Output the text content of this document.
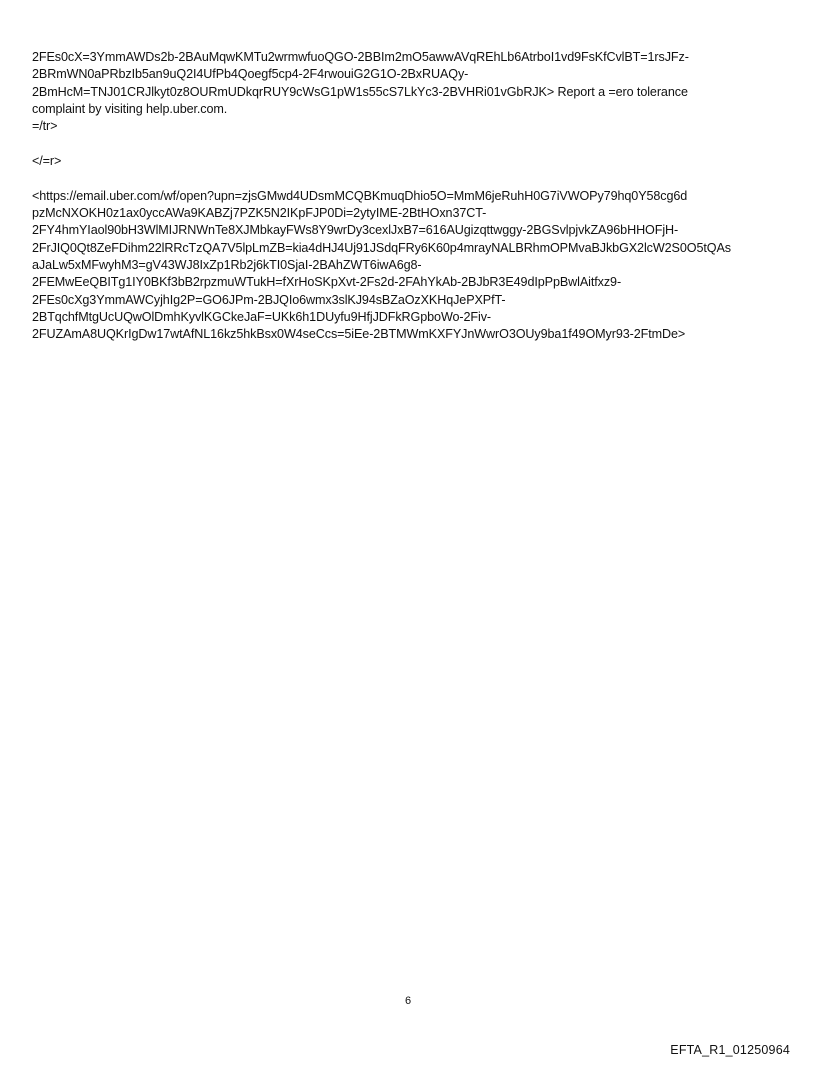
2FEs0cX=3YmmAWDs2b-2BAuMqwKMTu2wrmwfuoQGO-2BBIm2mO5awwAVqREhLb6AtrboI1vd9FsKfCvlBT=1rsJFz-
2BRmWN0aPRbzIb5an9uQ2I4UfPb4Qoegf5cp4-2F4rwouiG2G1O-2BxRUAQy-
2BmHcM=TNJ01CRJlkyt0z8OURmUDkqrRUY9cWsG1pW1s55cS7LkYc3-2BVHRi01vGbRJK> Report a =ero tolerance
complaint by visiting help.uber.com.
=/tr>
</=r>
<https://email.uber.com/wf/open?upn=zjsGMwd4UDsmMCQBKmuqDhio5O=MmM6jeRuhH0G7iVWOPy79hq0Y58cg6d
pzMcNXOKH0z1ax0yccAWa9KABZj7PZK5N2IKpFJP0Di=2ytyIME-2BtHOxn37CT-
2FY4hmYIaol90bH3WlMIJRNWnTe8XJMbkayFWs8Y9wrDy3cexlJxB7=616AUgizqttwggy-2BGSvlpjvkZA96bHHOFjH-
2FrJIQ0Qt8ZeFDihm22lRRcTzQA7V5lpLmZB=kia4dHJ4Uj91JSdqFRy6K60p4mrayNALBRhmOPMvaBJkbGX2lcW2S0O5tQAs
aJaLw5xMFwyhM3=gV43WJ8IxZp1Rb2j6kTI0SjaI-2BAhZWT6iwA6g8-
2FEMwEeQBITg1IY0BKf3bB2rpzmuWTukH=fXrHoSKpXvt-2Fs2d-2FAhYkAb-2BJbR3E49dIpPpBwlAitfxz9-
2FEs0cXg3YmmAWCyjhIg2P=GO6JPm-2BJQIo6wmx3slKJ94sBZaOzXKHqJePXPfT-
2BTqchfMtgUcUQwOlDmhKyvlKGCkeJaF=UKk6h1DUyfu9HfjJDFkRGpboWo-2Fiv-
2FUZAmA8UQKrIgDw17wtAfNL16kz5hkBsx0W4seCcs=5iEe-2BTMWmKXFYJnWwrO3OUy9ba1f49OMyr93-2FtmDe>
6
EFTA_R1_01250964
